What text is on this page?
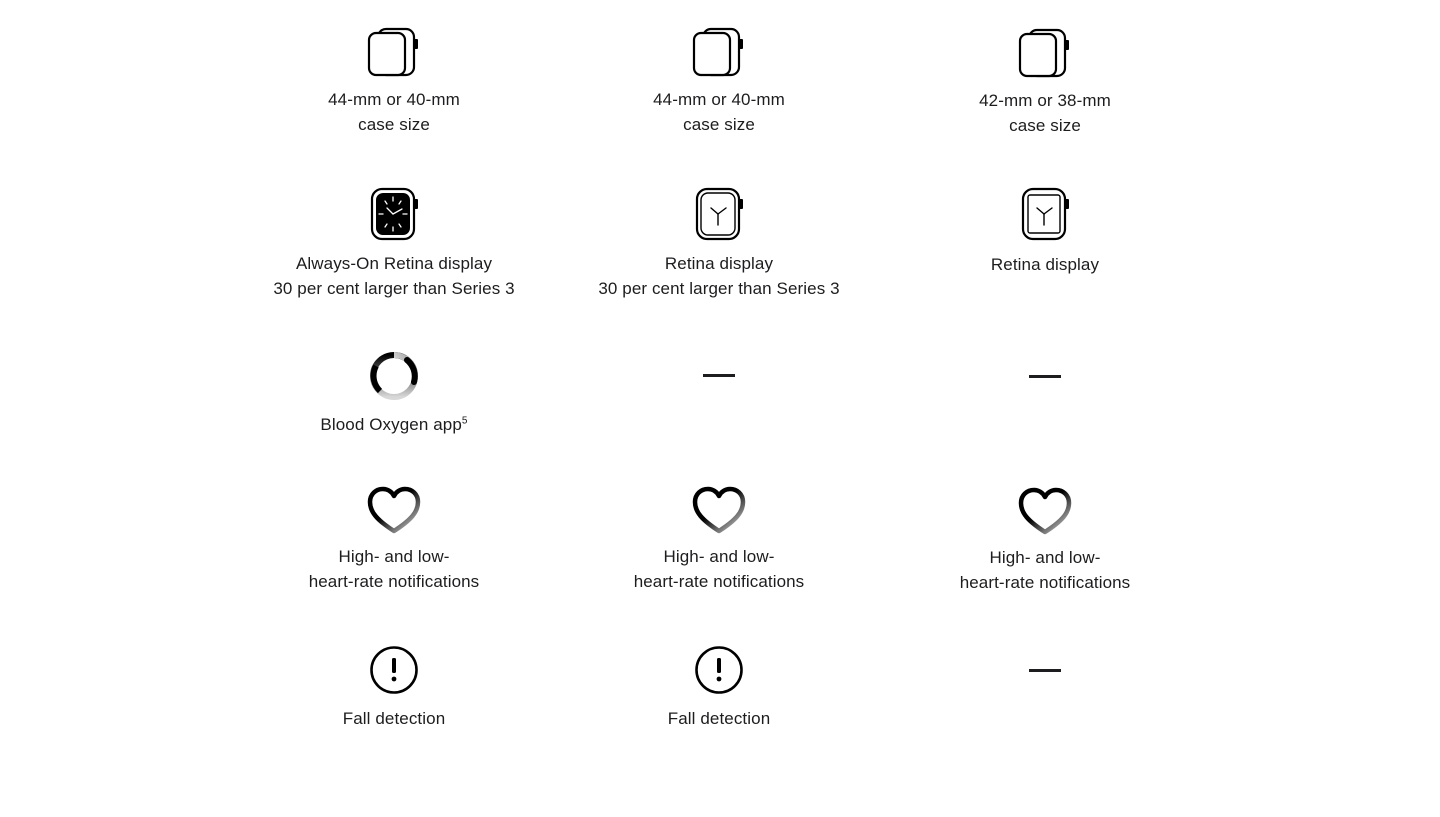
44-mm or 40-mm
case size
Always-On Retina display
30 per cent larger than Series 3
Blood Oxygen app$^5$
High- and low-
heart-rate notifications
Fall detection
44-mm or 40-mm
case size
Retina display
30 per cent larger than Series 3
High- and low-
heart-rate notifications
Fall detection
42-mm or 38-mm
case size
Retina display
High- and low-
heart-rate notifications
